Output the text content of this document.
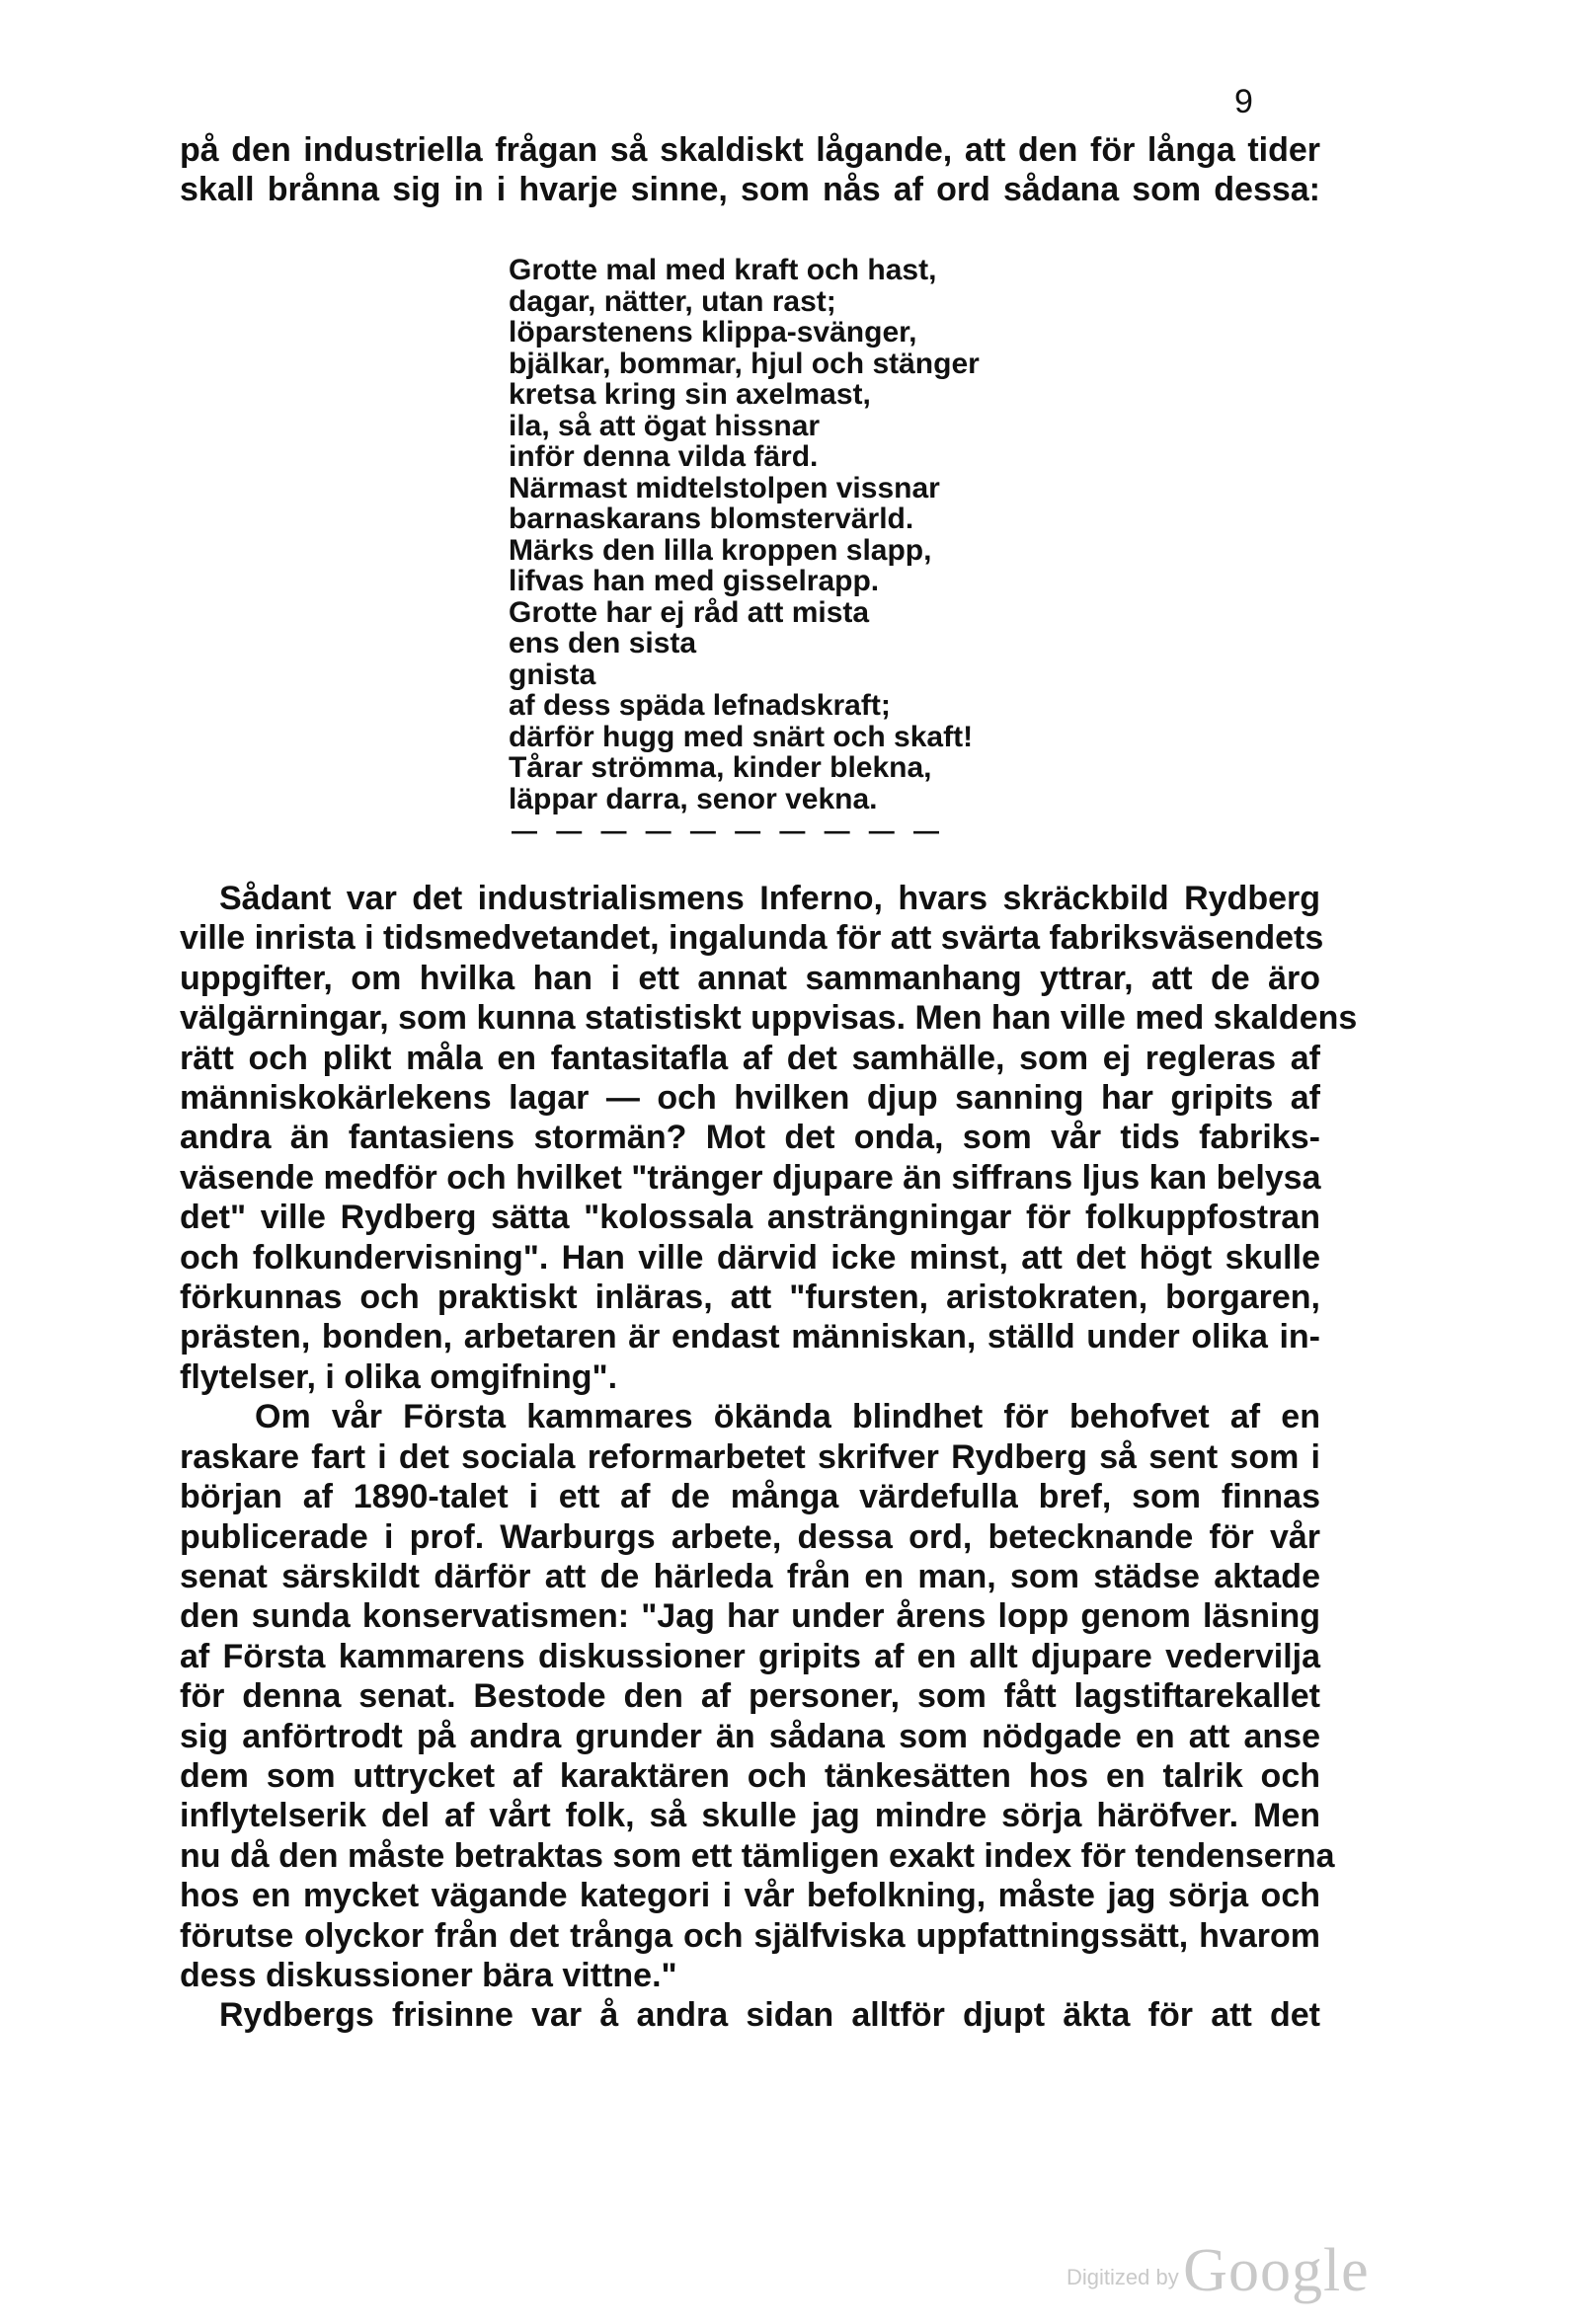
9
på den industriella frågan så skaldiskt lågande, att den för långa tider
skall brånna sig in i hvarje sinne, som nås af ord sådana som dessa:
Grotte mal med kraft och hast,
dagar, nätter, utan rast;
löparstenens klippa-svänger,
bjälkar, bommar, hjul och stänger
kretsa kring sin axelmast,
ila, så att ögat hissnar
inför denna vilda färd.
Närmast midtelstolpen vissnar
barnaskarans blomstervärld.
Märks den lilla kroppen slapp,
lifvas han med gisselrapp.
Grotte har ej råd att mista
ens den sista
gnista
af dess späda lefnadskraft;
därför hugg med snärt och skaft!
Tårar strömma, kinder blekna,
läppar darra, senor vekna.
— — — — — — — — — —
Sådant var det industrialismens Inferno, hvars skräckbild Rydberg
ville inrista i tidsmedvetandet, ingalunda för att svärta fabriksväsendets
uppgifter, om hvilka han i ett annat sammanhang yttrar, att de äro
välgärningar, som kunna statistiskt uppvisas. Men han ville med skaldens
rätt och plikt måla en fantasitafla af det samhälle, som ej regleras af
människokärlekens lagar — och hvilken djup sanning har gripits af
andra än fantasiens stormän? Mot det onda, som vår tids fabriks-
väsende medför och hvilket "tränger djupare än siffrans ljus kan belysa
det" ville Rydberg sätta "kolossala ansträngningar för folkuppfostran
och folkundervisning". Han ville därvid icke minst, att det högt skulle
förkunnas och praktiskt inläras, att "fursten, aristokraten, borgaren,
prästen, bonden, arbetaren är endast människan, ställd under olika in-
flytelser, i olika omgifning".
Om vår Första kammares ökända blindhet för behofvet af en
raskare fart i det sociala reformarbetet skrifver Rydberg så sent som i
början af 1890-talet i ett af de många värdefulla bref, som finnas
publicerade i prof. Warburgs arbete, dessa ord, betecknande för vår
senat särskildt därför att de härleda från en man, som städse aktade
den sunda konservatismen: "Jag har under årens lopp genom läsning
af Första kammarens diskussioner gripits af en allt djupare vedervilja
för denna senat. Bestode den af personer, som fått lagstiftarekallet
sig anförtrodt på andra grunder än sådana som nödgade en att anse
dem som uttrycket af karaktären och tänkesätten hos en talrik och
inflytelserik del af vårt folk, så skulle jag mindre sörja häröfver. Men
nu då den måste betraktas som ett tämligen exakt index för tendenserna
hos en mycket vägande kategori i vår befolkning, måste jag sörja och
förutse olyckor från det trånga och själfviska uppfattningssätt, hvarom
dess diskussioner bära vittne."
Rydbergs frisinne var å andra sidan alltför djupt äkta för att det
Digitized by Google
